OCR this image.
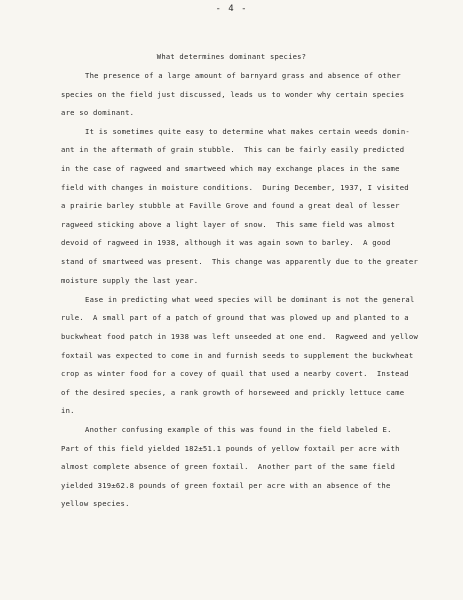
- 4 -
What determines dominant species?
The presence of a large amount of barnyard grass and absence of other
species on the field just discussed, leads us to wonder why certain species
are so dominant.
It is sometimes quite easy to determine what makes certain weeds domin-
ant in the aftermath of grain stubble.  This can be fairly easily predicted
in the case of ragweed and smartweed which may exchange places in the same
field with changes in moisture conditions.  During December, 1937, I visited
a prairie barley stubble at Faville Grove and found a great deal of lesser
ragweed sticking above a light layer of snow.  This same field was almost
devoid of ragweed in 1938, although it was again sown to barley.  A good
stand of smartweed was present.  This change was apparently due to the greater
moisture supply the last year.
Ease in predicting what weed species will be dominant is not the general
rule.  A small part of a patch of ground that was plowed up and planted to a
buckwheat food patch in 1938 was left unseeded at one end.  Ragweed and yellow
foxtail was expected to come in and furnish seeds to supplement the buckwheat
crop as winter food for a covey of quail that used a nearby covert.  Instead
of the desired species, a rank growth of horseweed and prickly lettuce came
in.
Another confusing example of this was found in the field labeled E.
Part of this field yielded 182±51.1 pounds of yellow foxtail per acre with
almost complete absence of green foxtail.  Another part of the same field
yielded 319±62.8 pounds of green foxtail per acre with an absence of the
yellow species.
